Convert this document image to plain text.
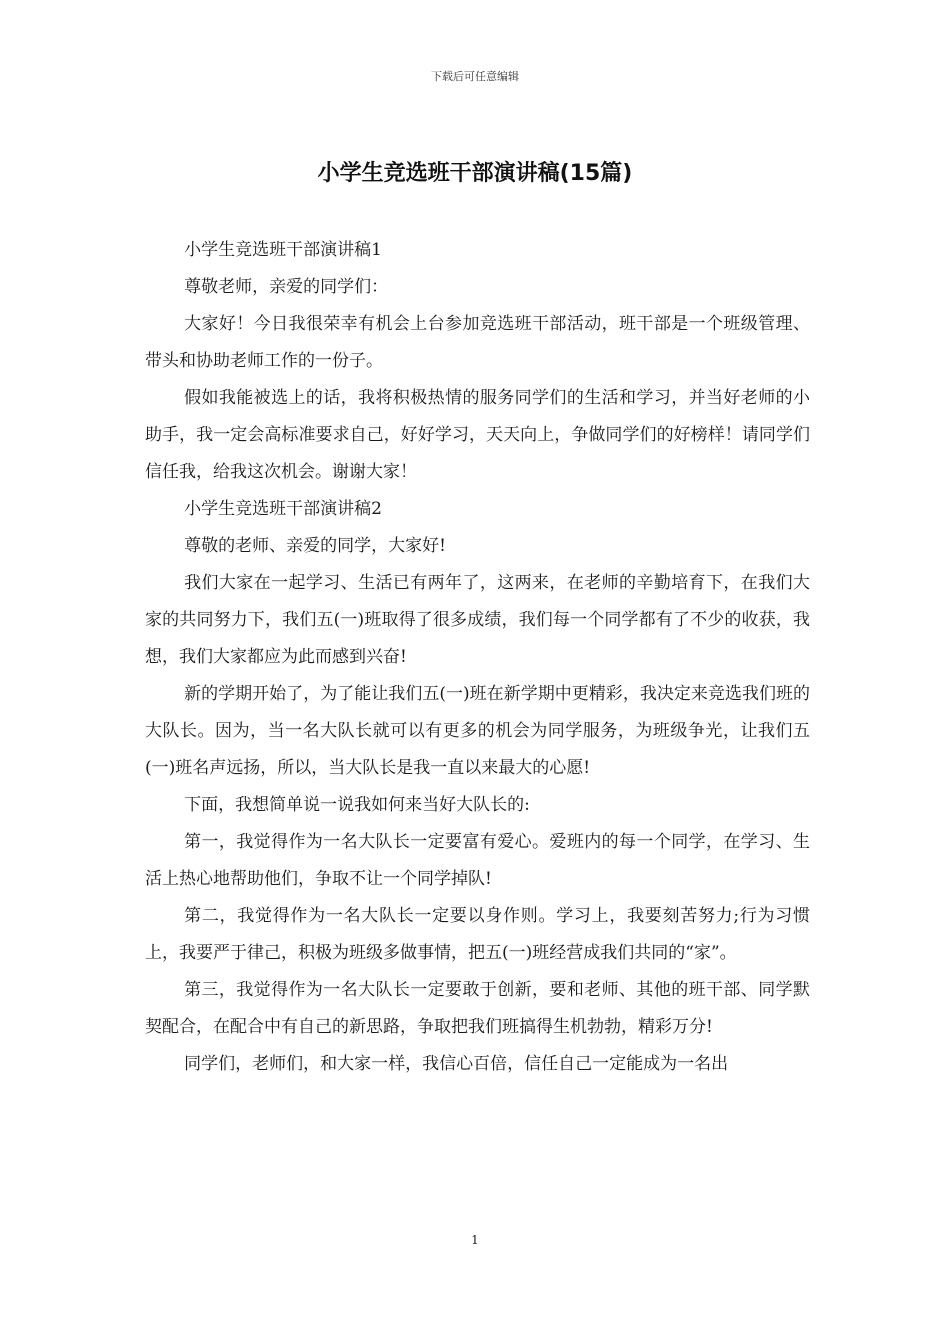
下载后可任意编辑
小学生竞选班干部演讲稿(15篇)

小学生竞选班干部演讲稿1

尊敬老师，亲爱的同学们：

大家好！今日我很荣幸有机会上台参加竞选班干部活动，班干部是一个班级管理、带头和协助老师工作的一份子。

假如我能被选上的话，我将积极热情的服务同学们的生活和学习，并当好老师的小助手，我一定会高标准要求自己，好好学习，天天向上，争做同学们的好榜样！请同学们信任我，给我这次机会。谢谢大家！

小学生竞选班干部演讲稿2

尊敬的老师、亲爱的同学，大家好!

我们大家在一起学习、生活已有两年了，这两来，在老师的辛勤培育下，在我们大家的共同努力下，我们五(一)班取得了很多成绩，我们每一个同学都有了不少的收获，我想，我们大家都应为此而感到兴奋!

新的学期开始了，为了能让我们五(一)班在新学期中更精彩，我决定来竞选我们班的大队长。因为，当一名大队长就可以有更多的机会为同学服务，为班级争光，让我们五(一)班名声远扬，所以，当大队长是我一直以来最大的心愿!

下面，我想简单说一说我如何来当好大队长的:

第一，我觉得作为一名大队长一定要富有爱心。爱班内的每一个同学，在学习、生活上热心地帮助他们，争取不让一个同学掉队!

第二，我觉得作为一名大队长一定要以身作则。学习上，我要刻苦努力;行为习惯上，我要严于律己，积极为班级多做事情，把五(一)班经营成我们共同的“家”。

第三，我觉得作为一名大队长一定要敢于创新，要和老师、其他的班干部、同学默契配合，在配合中有自己的新思路，争取把我们班搞得生机勃勃，精彩万分!

同学们，老师们，和大家一样，我信心百倍，信任自己一定能成为一名出

1
